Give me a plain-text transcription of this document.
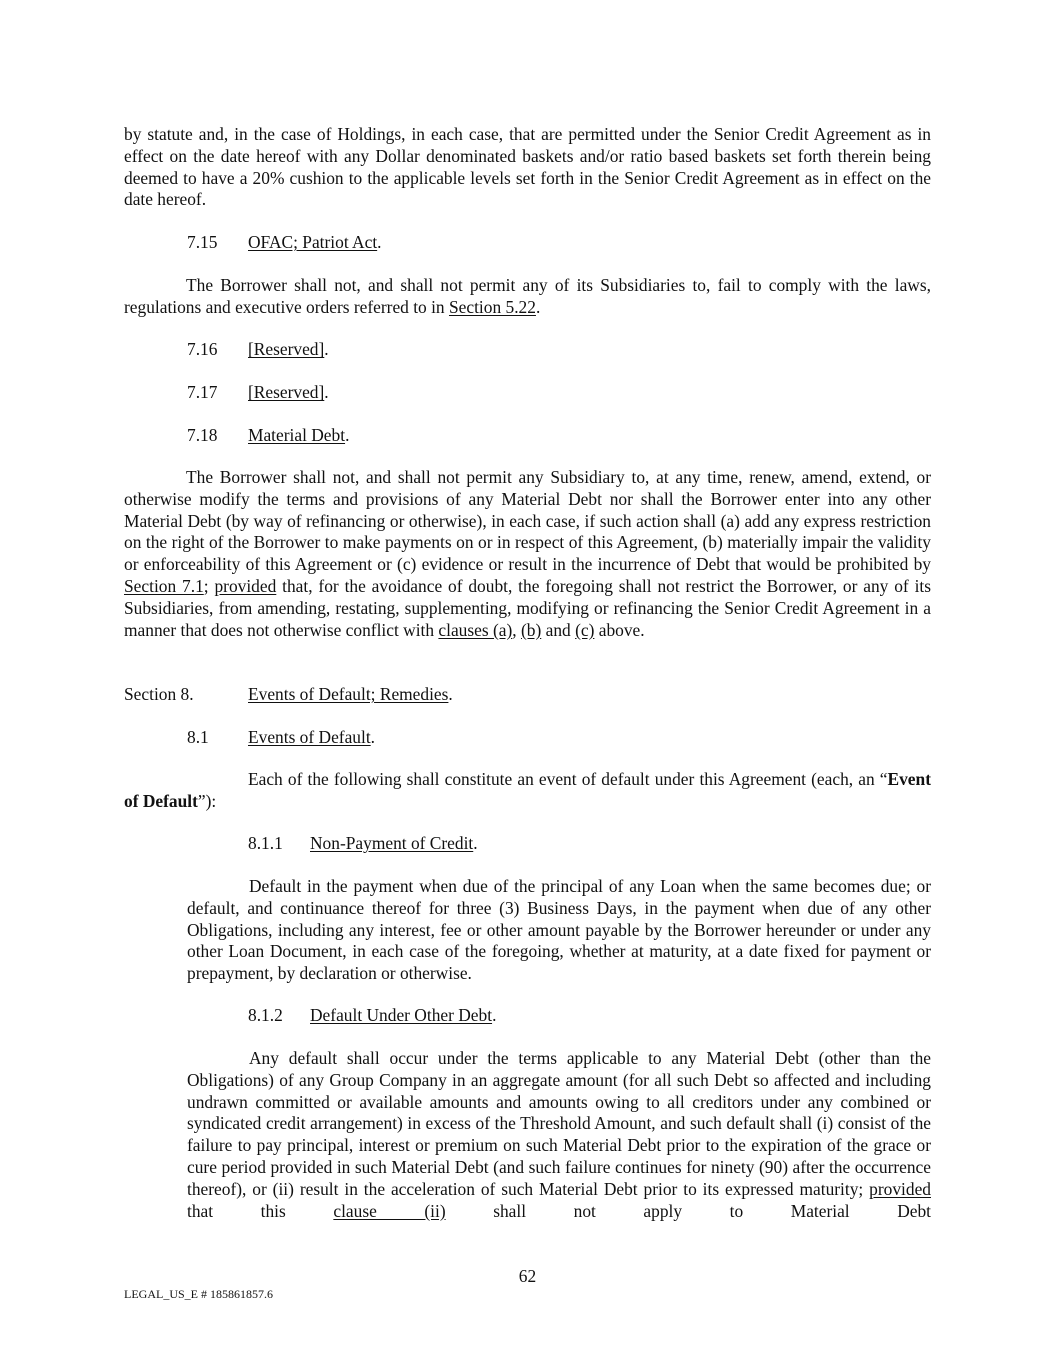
by statute and, in the case of Holdings, in each case, that are permitted under the Senior Credit Agreement as in effect on the date hereof with any Dollar denominated baskets and/or ratio based baskets set forth therein being deemed to have a 20% cushion to the applicable levels set forth in the Senior Credit Agreement as in effect on the date hereof.

7.15 OFAC; Patriot Act.

The Borrower shall not, and shall not permit any of its Subsidiaries to, fail to comply with the laws, regulations and executive orders referred to in Section 5.22.

7.16 [Reserved].
7.17 [Reserved].
7.18 Material Debt.

The Borrower shall not, and shall not permit any Subsidiary to, at any time, renew, amend, extend, or otherwise modify the terms and provisions of any Material Debt nor shall the Borrower enter into any other Material Debt (by way of refinancing or otherwise), in each case, if such action shall (a) add any express restriction on the right of the Borrower to make payments on or in respect of this Agreement, (b) materially impair the validity or enforceability of this Agreement or (c) evidence or result in the incurrence of Debt that would be prohibited by Section 7.1; provided that, for the avoidance of doubt, the foregoing shall not restrict the Borrower, or any of its Subsidiaries, from amending, restating, supplementing, modifying or refinancing the Senior Credit Agreement in a manner that does not otherwise conflict with clauses (a), (b) and (c) above.

Section 8.	Events of Default; Remedies.
8.1 Events of Default.

Each of the following shall constitute an event of default under this Agreement (each, an “Event of Default”):

8.1.1 Non-Payment of Credit.

Default in the payment when due of the principal of any Loan when the same becomes due; or default, and continuance thereof for three (3) Business Days, in the payment when due of any other Obligations, including any interest, fee or other amount payable by the Borrower hereunder or under any other Loan Document, in each case of the foregoing, whether at maturity, at a date fixed for payment or prepayment, by declaration or otherwise.

8.1.2 Default Under Other Debt.

Any default shall occur under the terms applicable to any Material Debt (other than the Obligations) of any Group Company in an aggregate amount (for all such Debt so affected and including undrawn committed or available amounts and amounts owing to all creditors under any combined or syndicated credit arrangement) in excess of the Threshold Amount, and such default shall (i) consist of the failure to pay principal, interest or premium on such Material Debt prior to the expiration of the grace or cure period provided in such Material Debt (and such failure continues for ninety (90) after the occurrence thereof), or (ii) result in the acceleration of such Material Debt prior to its expressed maturity; provided that this clause (ii) shall not apply to Material Debt

62
LEGAL_US_E # 185861857.6
